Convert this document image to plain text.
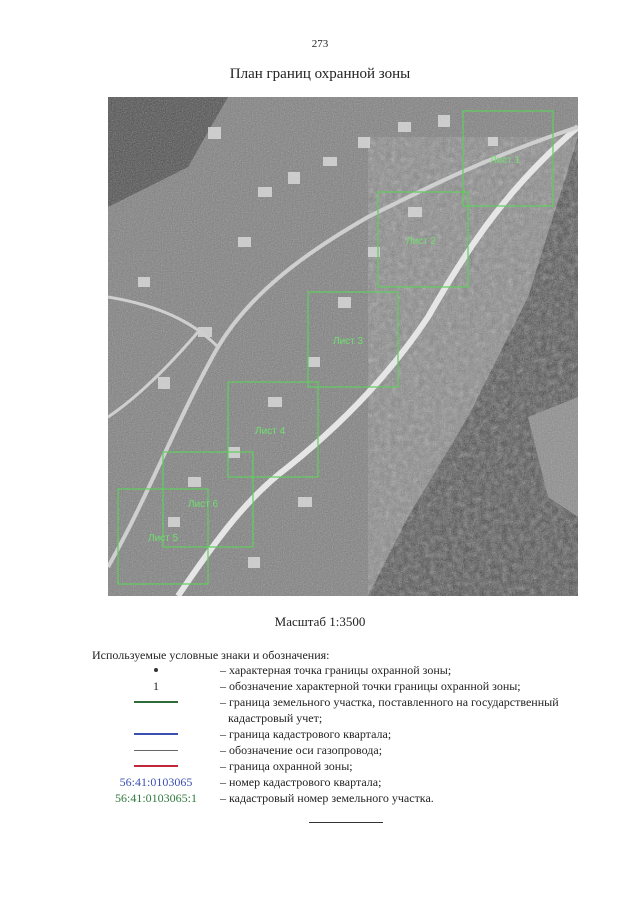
273
План границ охранной зоны
Лист 1
Лист 2
Лист 3
Лист 4
Лист 6
Лист 5
Масштаб 1:3500
Используемые условные знаки и обозначения:
– характерная точка границы охранной зоны;
1	– обозначение характерной точки границы охранной зоны;
– граница земельного участка, поставленного на государственный
кадастровый учет;
– граница кадастрового квартала;
– обозначение оси газопровода;
– граница охранной зоны;
56:41:0103065	– номер кадастрового квартала;
56:41:0103065:1	– кадастровый номер земельного участка.
